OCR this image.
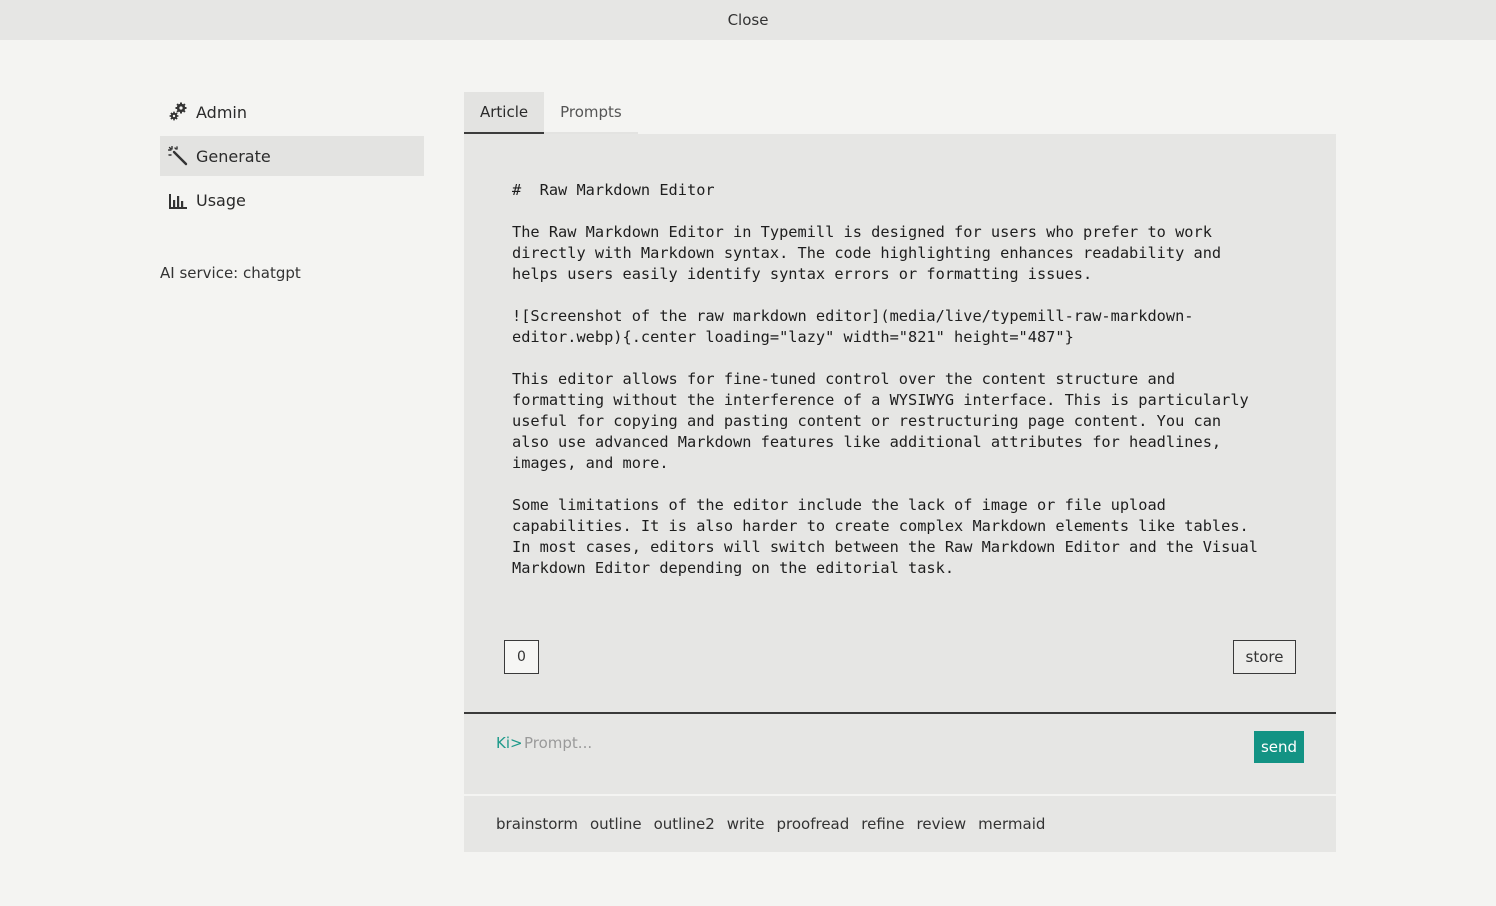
Close
Admin
Generate
Usage
AI service: chatgpt
Article	Prompts
# Raw Markdown Editor The Raw Markdown Editor in Typemill is designed for users who prefer to work directly with Markdown syntax. The code highlighting enhances readability and helps users easily identify syntax errors or formatting issues. ![Screenshot of the raw markdown editor](media/live/typemill-raw-markdown- editor.webp){.center loading="lazy" width="821" height="487"} This editor allows for fine-tuned control over the content structure and formatting without the interference of a WYSIWYG interface. This is particularly useful for copying and pasting content or restructuring page content. You can also use advanced Markdown features like additional attributes for headlines, images, and more. Some limitations of the editor include the lack of image or file upload capabilities. It is also harder to create complex Markdown elements like tables. In most cases, editors will switch between the Raw Markdown Editor and the Visual Markdown Editor depending on the editorial task.
0	store
Ki>
Prompt...	send
brainstorm outline outline2 write proofread refine review mermaid
